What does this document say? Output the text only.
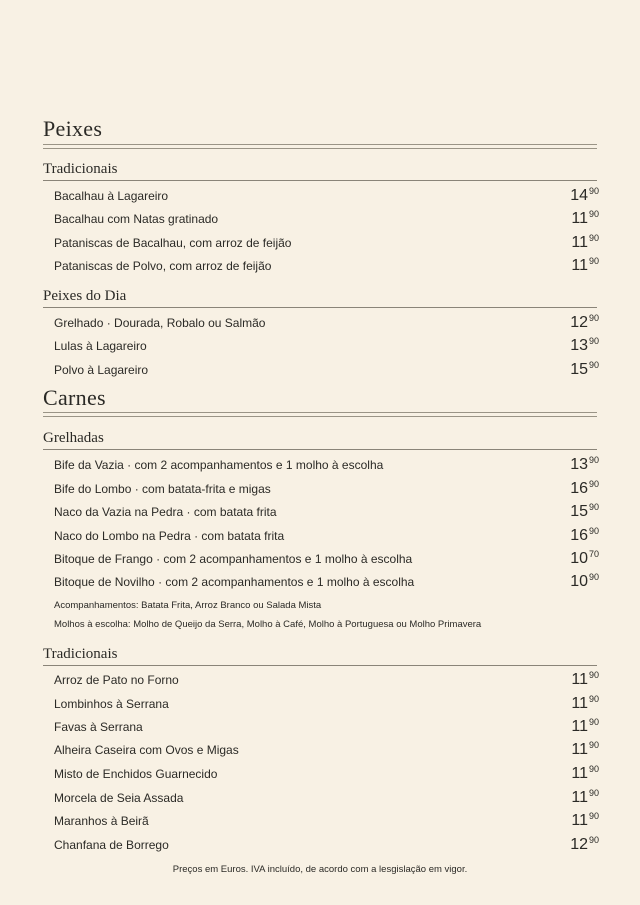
Peixes
Tradicionais
Bacalhau à Lagareiro	$14^{90}$
Bacalhau com Natas gratinado	$11^{90}$
Pataniscas de Bacalhau, com arroz de feijão	$11^{90}$
Pataniscas de Polvo, com arroz de feijão	$11^{90}$
Peixes do Dia
Grelhado · Dourada, Robalo ou Salmão	$12^{90}$
Lulas à Lagareiro	$13^{90}$
Polvo à Lagareiro	$15^{90}$
Carnes
Grelhadas
Bife da Vazia · com 2 acompanhamentos e 1 molho à escolha	$13^{90}$
Bife do Lombo · com batata-frita e migas	$16^{90}$
Naco da Vazia na Pedra · com batata frita	$15^{90}$
Naco do Lombo na Pedra · com batata frita	$16^{90}$
Bitoque de Frango · com 2 acompanhamentos e 1 molho à escolha	$10^{70}$
Bitoque de Novilho · com 2 acompanhamentos e 1 molho à escolha	$10^{90}$
Acompanhamentos: Batata Frita, Arroz Branco ou Salada Mista
Molhos à escolha: Molho de Queijo da Serra, Molho à Café, Molho à Portuguesa ou Molho Primavera
Tradicionais
Arroz de Pato no Forno	$11^{90}$
Lombinhos à Serrana	$11^{90}$
Favas à Serrana	$11^{90}$
Alheira Caseira com Ovos e Migas	$11^{90}$
Misto de Enchidos Guarnecido	$11^{90}$
Morcela de Seia Assada	$11^{90}$
Maranhos à Beirã	$11^{90}$
Chanfana de Borrego	$12^{90}$
Preços em Euros. IVA incluído, de acordo com a lesgislação em vigor.
